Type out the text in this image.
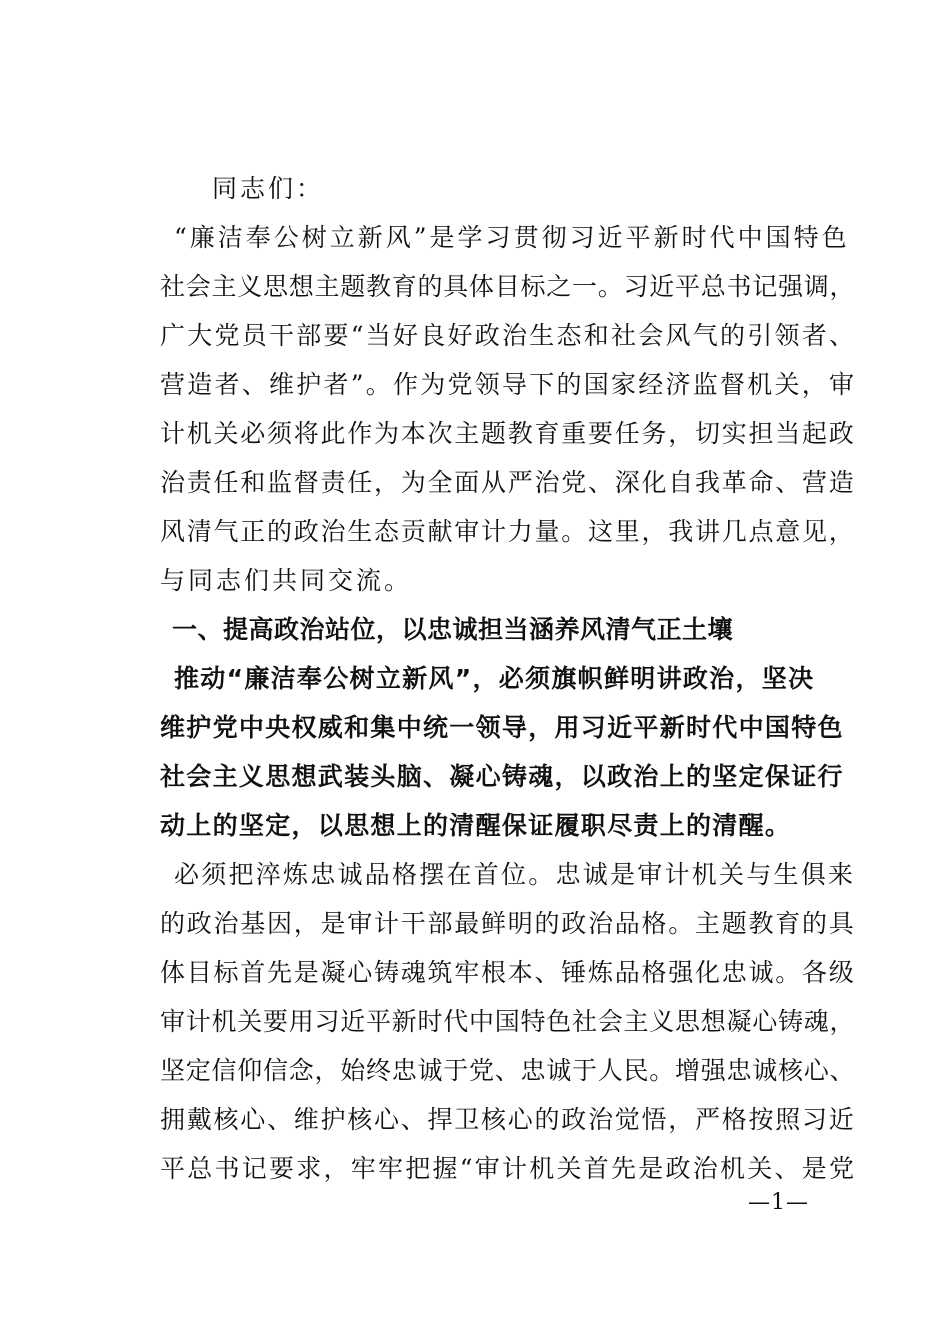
同志们：
“廉洁奉公树立新风”是学习贯彻习近平新时代中国特色
社会主义思想主题教育的具体目标之一。习近平总书记强调，
广大党员干部要“当好良好政治生态和社会风气的引领者、
营造者、维护者”。作为党领导下的国家经济监督机关，审
计机关必须将此作为本次主题教育重要任务，切实担当起政
治责任和监督责任，为全面从严治党、深化自我革命、营造
风清气正的政治生态贡献审计力量。这里，我讲几点意见，
与同志们共同交流。
一、提高政治站位，以忠诚担当涵养风清气正土壤
推动“廉洁奉公树立新风”，必须旗帜鲜明讲政治，坚决
维护党中央权威和集中统一领导，用习近平新时代中国特色
社会主义思想武装头脑、凝心铸魂，以政治上的坚定保证行
动上的坚定，以思想上的清醒保证履职尽责上的清醒。
必须把淬炼忠诚品格摆在首位。忠诚是审计机关与生俱来
的政治基因，是审计干部最鲜明的政治品格。主题教育的具
体目标首先是凝心铸魂筑牢根本、锤炼品格强化忠诚。各级
审计机关要用习近平新时代中国特色社会主义思想凝心铸魂，
坚定信仰信念，始终忠诚于党、忠诚于人民。增强忠诚核心、
拥戴核心、维护核心、捍卫核心的政治觉悟，严格按照习近
平总书记要求，牢牢把握“审计机关首先是政治机关、是党
—1—
